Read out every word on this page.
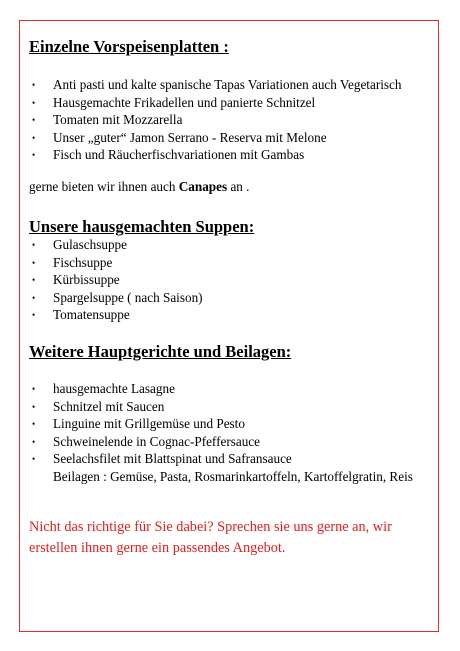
Einzelne Vorspeisenplatten :
• Anti pasti und kalte spanische Tapas Variationen auch Vegetarisch
• Hausgemachte Frikadellen und panierte Schnitzel
• Tomaten mit Mozzarella
• Unser „guter“ Jamon Serrano - Reserva mit Melone
• Fisch und Räucherfischvariationen mit Gambas

gerne bieten wir ihnen auch Canapes an .

Unsere hausgemachten Suppen:
• Gulaschsuppe
• Fischsuppe
• Kürbissuppe
• Spargelsuppe ( nach Saison)
• Tomatensuppe
Weitere Hauptgerichte und Beilagen:
• hausgemachte Lasagne
• Schnitzel mit Saucen
• Linguine mit Grillgemüse und Pesto
• Schweinelende in Cognac-Pfeffersauce
• Seelachsfilet mit Blattspinat und Safransauce
Beilagen : Gemüse, Pasta, Rosmarinkartoffeln, Kartoffelgratin, Reis

Nicht das richtige für Sie dabei? Sprechen sie uns gerne an, wir erstellen ihnen gerne ein passendes Angebot.
